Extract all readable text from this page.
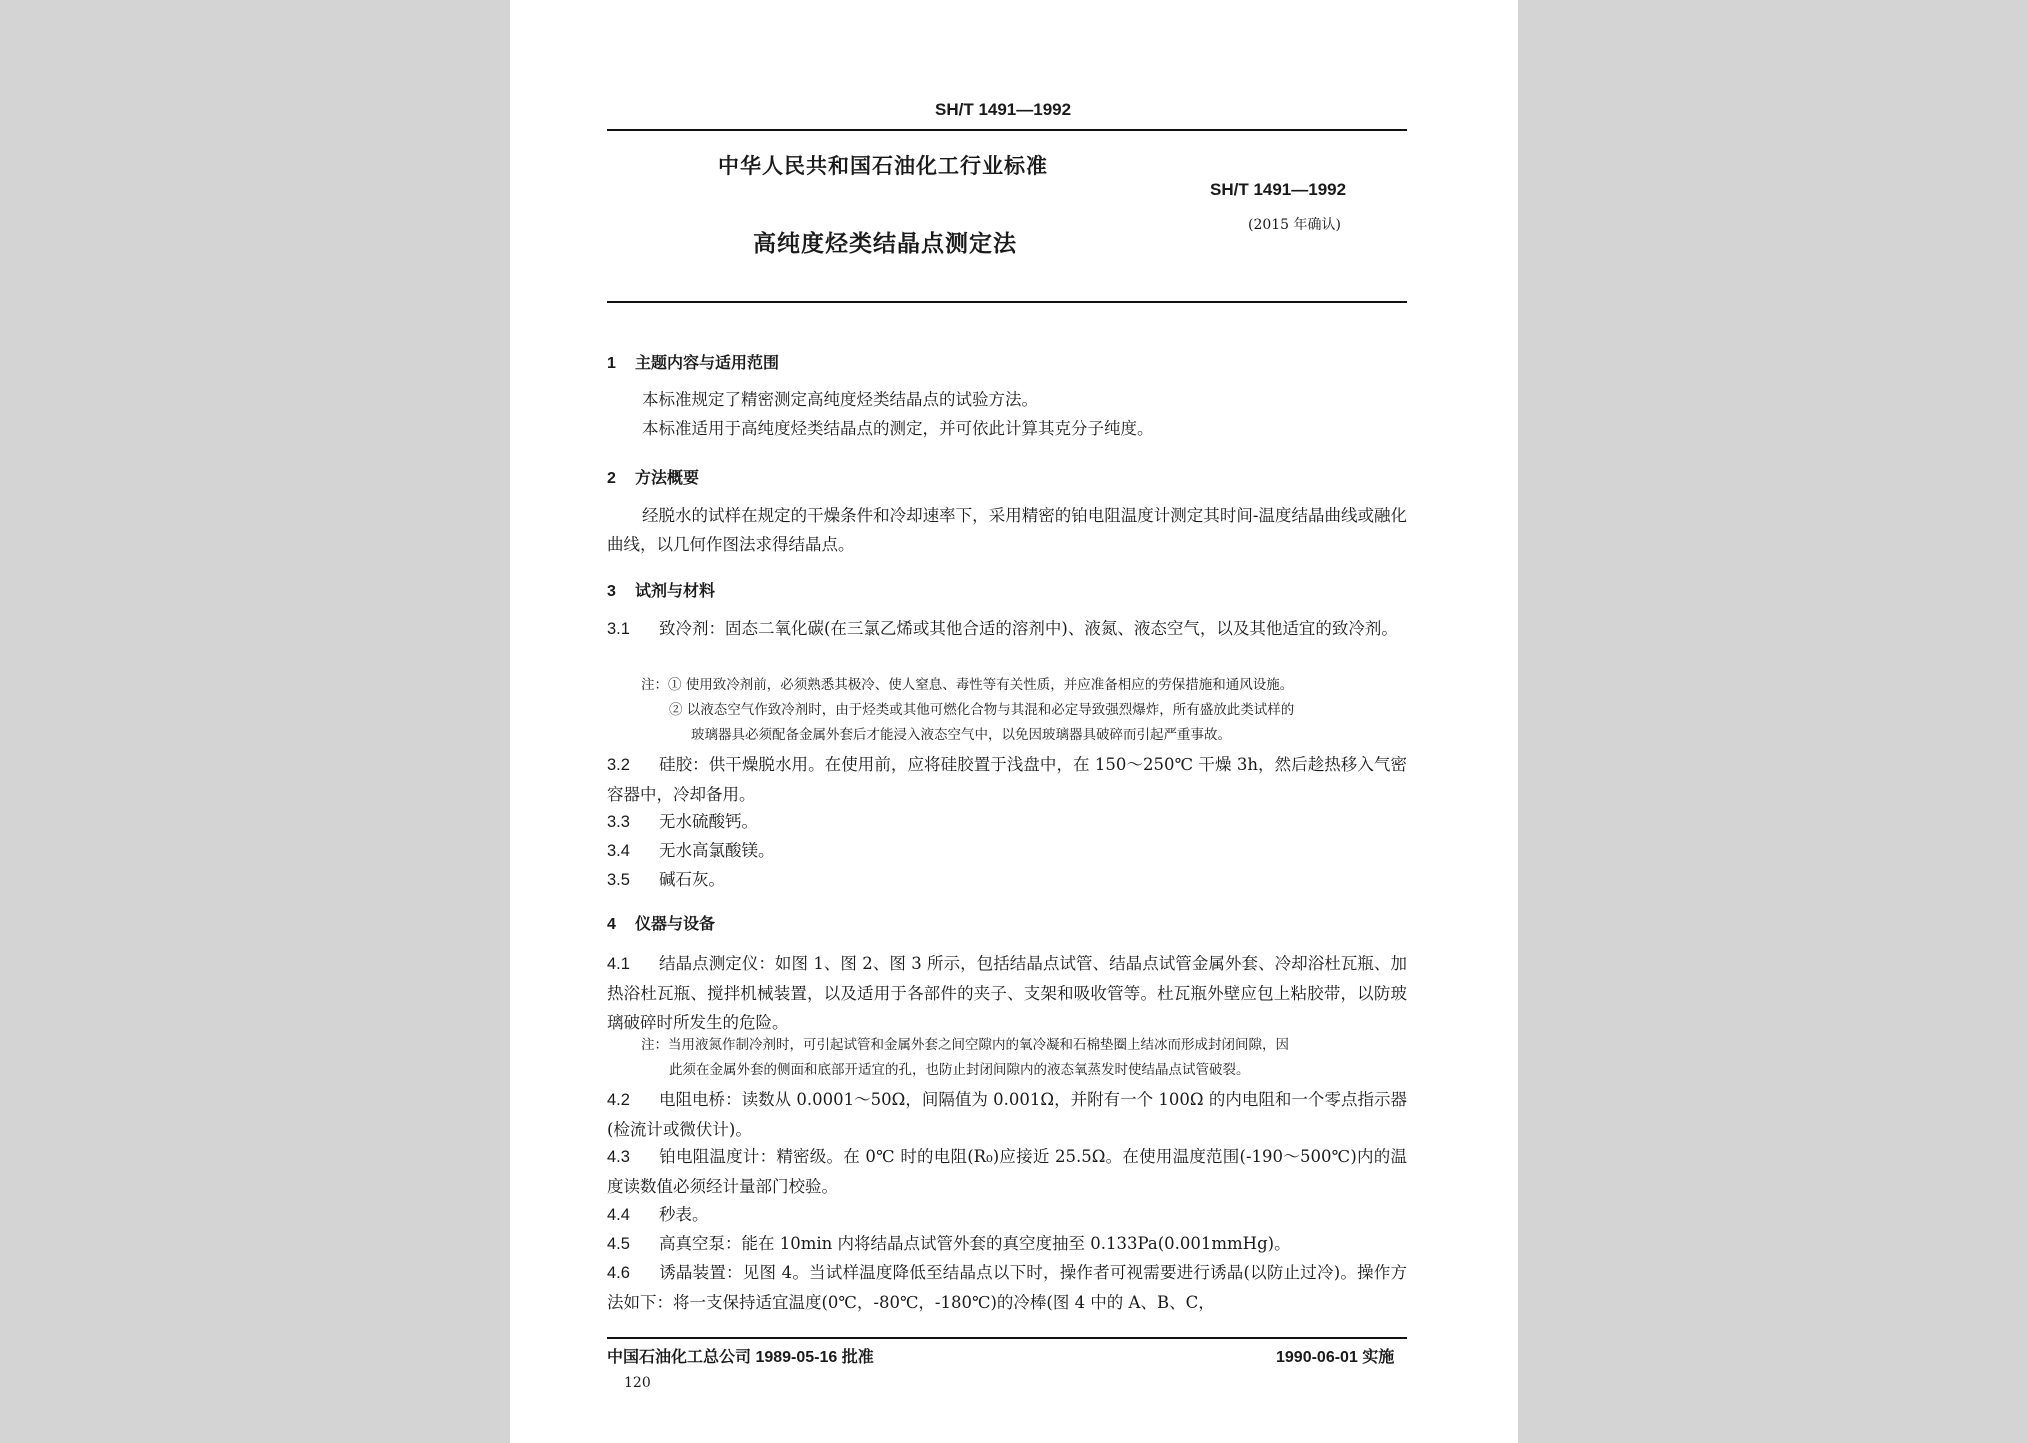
SH/T 1491—1992
中华人民共和国石油化工行业标准
SH/T 1491—1992
(2015 年确认)
高纯度烃类结晶点测定法
1 主题内容与适用范围
本标准规定了精密测定高纯度烃类结晶点的试验方法。
本标准适用于高纯度烃类结晶点的测定，并可依此计算其克分子纯度。
2 方法概要
经脱水的试样在规定的干燥条件和冷却速率下，采用精密的铂电阻温度计测定其时间-温度结晶曲线或融化曲线，以几何作图法求得结晶点。
3 试剂与材料
3.1 致冷剂：固态二氧化碳(在三氯乙烯或其他合适的溶剂中)、液氮、液态空气，以及其他适宜的致冷剂。
注：① 使用致冷剂前，必须熟悉其极冷、使人窒息、毒性等有关性质，并应准备相应的劳保措施和通风设施。
② 以液态空气作致冷剂时，由于烃类或其他可燃化合物与其混和必定导致强烈爆炸，所有盛放此类试样的
玻璃器具必须配备金属外套后才能浸入液态空气中，以免因玻璃器具破碎而引起严重事故。
3.2 硅胶：供干燥脱水用。在使用前，应将硅胶置于浅盘中，在 150～250℃ 干燥 3h，然后趁热移入气密容器中，冷却备用。
3.3 无水硫酸钙。
3.4 无水高氯酸镁。
3.5 碱石灰。
4 仪器与设备
4.1 结晶点测定仪：如图 1、图 2、图 3 所示，包括结晶点试管、结晶点试管金属外套、冷却浴杜瓦瓶、加热浴杜瓦瓶、搅拌机械装置，以及适用于各部件的夹子、支架和吸收管等。杜瓦瓶外壁应包上粘胶带，以防玻璃破碎时所发生的危险。
注：当用液氮作制冷剂时，可引起试管和金属外套之间空隙内的氧冷凝和石棉垫圈上结冰而形成封闭间隙，因
此须在金属外套的侧面和底部开适宜的孔，也防止封闭间隙内的液态氧蒸发时使结晶点试管破裂。
4.2 电阻电桥：读数从 0.0001～50Ω，间隔值为 0.001Ω，并附有一个 100Ω 的内电阻和一个零点指示器(检流计或微伏计)。
4.3 铂电阻温度计：精密级。在 0℃ 时的电阻(R₀)应接近 25.5Ω。在使用温度范围(-190～500℃)内的温度读数值必须经计量部门校验。
4.4 秒表。
4.5 高真空泵：能在 10min 内将结晶点试管外套的真空度抽至 0.133Pa(0.001mmHg)。
4.6 诱晶装置：见图 4。当试样温度降低至结晶点以下时，操作者可视需要进行诱晶(以防止过冷)。操作方法如下：将一支保持适宜温度(0℃，-80℃，-180℃)的冷棒(图 4 中的 A、B、C，
中国石油化工总公司 1989-05-16 批准	1990-06-01 实施
120
